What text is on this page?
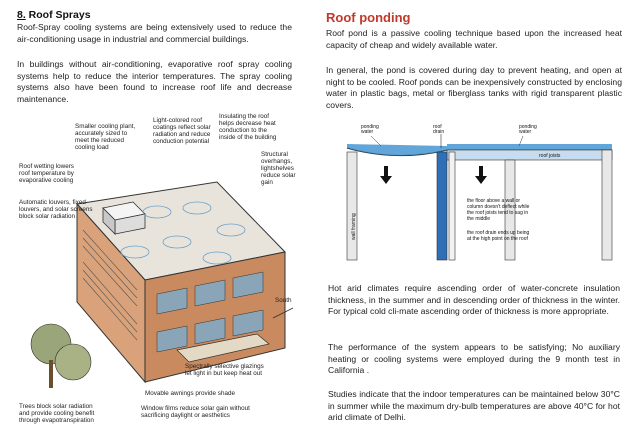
8. Roof Sprays

Roof-Spray cooling systems are being extensively used to reduce the air-conditioning usage in industrial and commercial buildings.

In buildings without air-conditioning, evaporative roof spray cooling systems help to reduce the interior temperatures. The spray cooling systems also have been found to increase roof life and decrease maintenance.

Smaller cooling plant,
accurately sized to
meet the reduced
cooling load
Light-colored roof
coatings reflect solar
radiation and reduce
conduction potential
Insulating the roof
helps decrease heat
conduction to the
inside of the building
Roof wetting lowers
roof temperature by
evaporative cooling
Structural
overhangs,
lightshelves
reduce solar
gain
Automatic louvers, fixed
louvers, and solar screens
block solar radiation
South
Spectrally selective glazings
let light in but keep heat out
Movable awnings provide shade
Window films reduce solar gain without
sacrificing daylight or aesthetics
Trees block solar radiation
and provide cooling benefit
through evapotranspiration
Roof ponding

Roof pond is a passive cooling technique based upon the increased heat capacity of cheap and widely available water.

In general, the pond is covered during day to prevent heating, and open at night to be cooled. Roof ponds can be inexpensively constructed by enclosing water in plastic bags, metal or fiberglass tanks with rigid transparent plastic covers.

ponding
water
roof
drain
ponding
water
roof joists
wall framing
the floor above a wall or
column doesn't deflect while
the roof joists tend to sag in
the middle
the roof drain ends up being
at the high point on the roof

Hot arid climates require ascending order of water-concrete insulation thickness, in the summer and in descending order of thickness in the winter. For typical cold cli-mate ascending order of thickness is more appropriate.

The performance of the system appears to be satisfying; No auxiliary heating or cooling systems were employed during the 9 month test in California .

Studies indicate that the indoor temperatures can be maintained below 30°C in summer while the maximum dry-bulb temperatures are above 40°C for hot arid climate of Delhi.
